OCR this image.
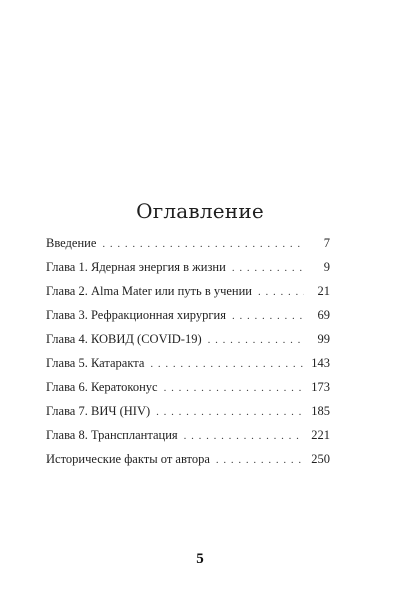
Оглавление
Введение . . .	7
Глава 1. Ядерная энергия в жизни . . .	9
Глава 2. Alma Mater или путь в учении . . .	21
Глава 3. Рефракционная хирургия . . .	69
Глава 4. КОВИД (COVID-19) . . .	99
Глава 5. Катаракта . . .	143
Глава 6. Кератоконус . . .	173
Глава 7. ВИЧ (HIV) . . .	185
Глава 8. Трансплантация . . .	221
Исторические факты от автора . . .	250
5
